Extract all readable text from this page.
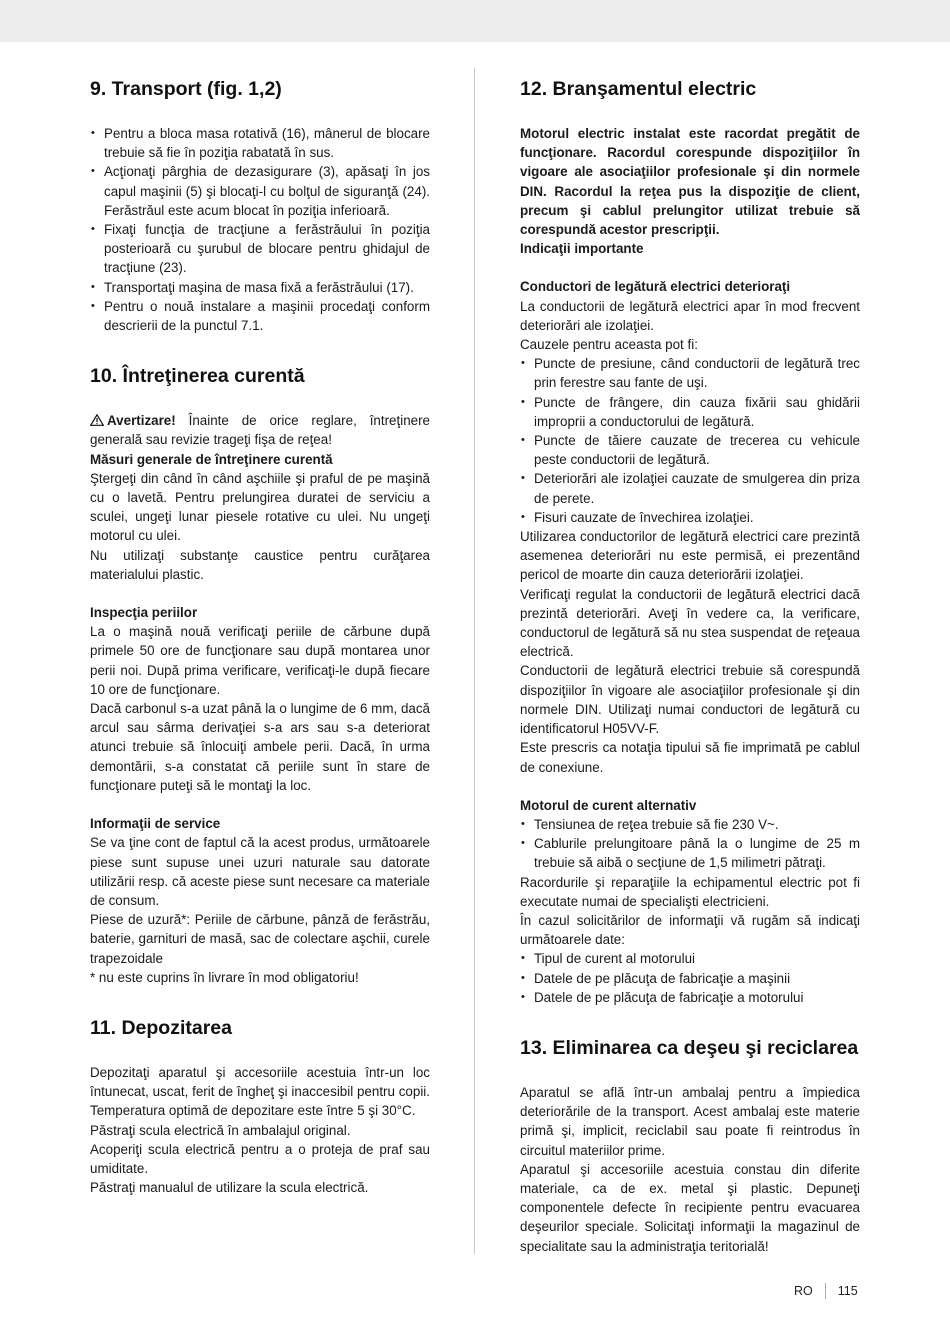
9. Transport (fig. 1,2)
• Pentru a bloca masa rotativă (16), mânerul de blocare trebuie să fie în poziţia rabatată în sus.
• Acţionaţi pârghia de dezasigurare (3), apăsaţi în jos capul maşinii (5) şi blocaţi-l cu bolţul de siguranţă (24). Ferăstrăul este acum blocat în poziţia inferioară.
• Fixaţi funcţia de tracţiune a ferăstrăului în poziţia posterioară cu şurubul de blocare pentru ghidajul de tracţiune (23).
• Transportaţi maşina de masa fixă a ferăstrăului (17).
• Pentru o nouă instalare a maşinii procedaţi conform descrierii de la punctul 7.1.
10. Întreţinerea curentă

Avertizare! Înainte de orice reglare, întreţinere generală sau revizie trageţi fişa de reţea!

Măsuri generale de întreţinere curentă

Ştergeţi din când în când aşchiile şi praful de pe maşină cu o lavetă. Pentru prelungirea duratei de serviciu a sculei, ungeţi lunar piesele rotative cu ulei. Nu ungeţi motorul cu ulei.

Nu utilizaţi substanţe caustice pentru curăţarea materialului plastic.

Inspecţia periilor

La o maşină nouă verificaţi periile de cărbune după primele 50 ore de funcţionare sau după montarea unor perii noi. După prima verificare, verificaţi-le după fiecare 10 ore de funcţionare.

Dacă carbonul s-a uzat până la o lungime de 6 mm, dacă arcul sau sârma derivaţiei s-a ars sau s-a deteriorat atunci trebuie să înlocuiţi ambele perii. Dacă, în urma demontării, s-a constatat că periile sunt în stare de funcţionare puteţi să le montaţi la loc.

Informaţii de service

Se va ţine cont de faptul că la acest produs, următoarele piese sunt supuse unei uzuri naturale sau datorate utilizării resp. că aceste piese sunt necesare ca materiale de consum.

Piese de uzură*: Periile de cărbune, pânză de ferăstrău, baterie, garnituri de masă, sac de colectare aşchii, curele trapezoidale

* nu este cuprins în livrare în mod obligatoriu!

11. Depozitarea

Depozitaţi aparatul şi accesoriile acestuia într-un loc întunecat, uscat, ferit de îngheţ şi inaccesibil pentru copii. Temperatura optimă de depozitare este între 5 şi 30°C.

Păstraţi scula electrică în ambalajul original.

Acoperiţi scula electrică pentru a o proteja de praf sau umiditate.

Păstraţi manualul de utilizare la scula electrică.

12. Branşamentul electric

Motorul electric instalat este racordat pregătit de funcţionare. Racordul corespunde dispoziţiilor în vigoare ale asociaţiilor profesionale şi din normele DIN. Racordul la reţea pus la dispoziţie de client, precum şi cablul prelungitor utilizat trebuie să corespundă acestor prescripţii.

Indicaţii importante

Conductori de legătură electrici deterioraţi

La conductorii de legătură electrici apar în mod frecvent deteriorări ale izolaţiei.

Cauzele pentru aceasta pot fi:

• Puncte de presiune, când conductorii de legătură trec prin ferestre sau fante de uşi.
• Puncte de frângere, din cauza fixării sau ghidării improprii a conductorului de legătură.
• Puncte de tăiere cauzate de trecerea cu vehicule peste conductorii de legătură.
• Deteriorări ale izolaţiei cauzate de smulgerea din priza de perete.
• Fisuri cauzate de învechirea izolaţiei.

Utilizarea conductorilor de legătură electrici care prezintă asemenea deteriorări nu este permisă, ei prezentând pericol de moarte din cauza deteriorării izolaţiei.

Verificaţi regulat la conductorii de legătură electrici dacă prezintă deteriorări. Aveţi în vedere ca, la verificare, conductorul de legătură să nu stea suspendat de reţeaua electrică.

Conductorii de legătură electrici trebuie să corespundă dispoziţiilor în vigoare ale asociaţiilor profesionale şi din normele DIN. Utilizaţi numai conductori de legătură cu identificatorul H05VV-F.

Este prescris ca notaţia tipului să fie imprimată pe cablul de conexiune.

Motorul de curent alternativ

• Tensiunea de reţea trebuie să fie 230 V~.
• Cablurile prelungitoare până la o lungime de 25 m trebuie să aibă o secţiune de 1,5 milimetri pătraţi.

Racordurile şi reparaţiile la echipamentul electric pot fi executate numai de specialişti electricieni.

În cazul solicitărilor de informaţii vă rugăm să indicaţi următoarele date:

• Tipul de curent al motorului
• Datele de pe plăcuţa de fabricaţie a maşinii
• Datele de pe plăcuţa de fabricaţie a motorului
13. Eliminarea ca deşeu şi reciclarea

Aparatul se află într-un ambalaj pentru a împiedica deteriorările de la transport. Acest ambalaj este materie primă şi, implicit, reciclabil sau poate fi reintrodus în circuitul materiilor prime.

Aparatul şi accesoriile acestuia constau din diferite materiale, ca de ex. metal şi plastic. Depuneţi componentele defecte în recipiente pentru evacuarea deşeurilor speciale. Solicitaţi informaţii la magazinul de specialitate sau la administraţia teritorială!

RO 115
